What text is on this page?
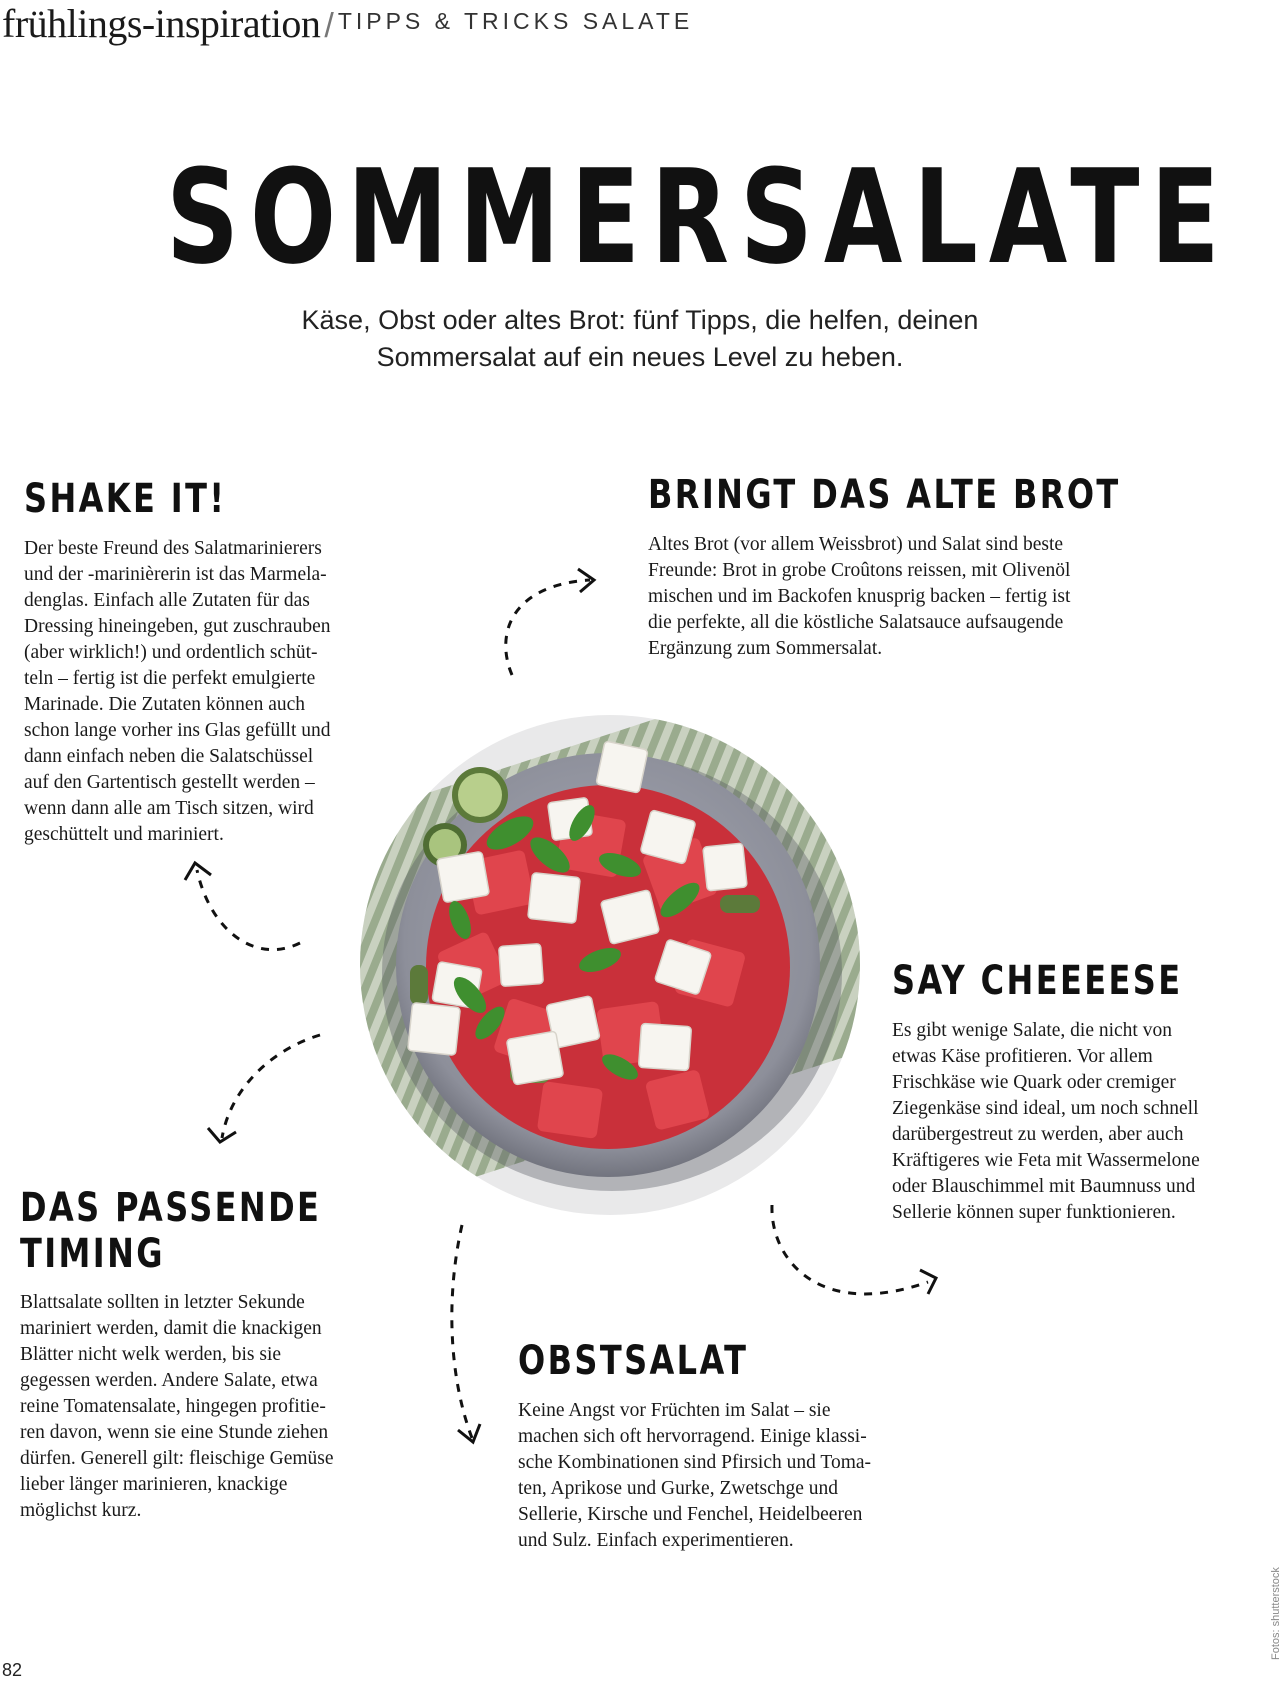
frühlings-inspiration / TIPPS & TRICKS SALATE
SOMMERSALATE
Käse, Obst oder altes Brot: fünf Tipps, die helfen, deinen
Sommersalat auf ein neues Level zu heben.
SHAKE IT!
Der beste Freund des Salatmarinierers
und der -marinièrerin ist das Marmela-
denglas. Einfach alle Zutaten für das
Dressing hineingeben, gut zuschrauben
(aber wirklich!) und ordentlich schüt-
teln – fertig ist die perfekt emulgierte
Marinade. Die Zutaten können auch
schon lange vorher ins Glas gefüllt und
dann einfach neben die Salatschüssel
auf den Gartentisch gestellt werden –
wenn dann alle am Tisch sitzen, wird
geschüttelt und mariniert.
BRINGT DAS ALTE BROT
Altes Brot (vor allem Weissbrot) und Salat sind beste
Freunde: Brot in grobe Croûtons reissen, mit Olivenöl
mischen und im Backofen knusprig backen – fertig ist
die perfekte, all die köstliche Salatsauce aufsaugende
Ergänzung zum Sommersalat.
SAY CHEEEESE
Es gibt wenige Salate, die nicht von
etwas Käse profitieren. Vor allem
Frischkäse wie Quark oder cremiger
Ziegenkäse sind ideal, um noch schnell
darübergestreut zu werden, aber auch
Kräftigeres wie Feta mit Wassermelone
oder Blauschimmel mit Baumnuss und
Sellerie können super funktionieren.
DAS PASSENDE
TIMING
Blattsalate sollten in letzter Sekunde
mariniert werden, damit die knackigen
Blätter nicht welk werden, bis sie
gegessen werden. Andere Salate, etwa
reine Tomatensalate, hingegen profitie-
ren davon, wenn sie eine Stunde ziehen
dürfen. Generell gilt: fleischige Gemüse
lieber länger marinieren, knackige
möglichst kurz.
OBSTSALAT
Keine Angst vor Früchten im Salat – sie
machen sich oft hervorragend. Einige klassi-
sche Kombinationen sind Pfirsich und Toma-
ten, Aprikose und Gurke, Zwetschge und
Sellerie, Kirsche und Fenchel, Heidelbeeren
und Sulz. Einfach experimentieren.
Fotos: shutterstock
82
